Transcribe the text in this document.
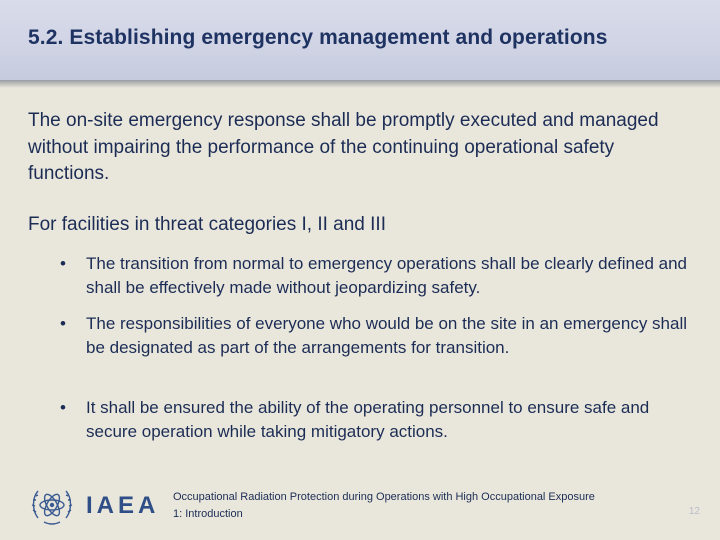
5.2. Establishing emergency management and operations

The on-site emergency response shall be promptly executed and managed without impairing the performance of the continuing operational safety functions.

For facilities in threat categories I, II and III

•	The transition from normal to emergency operations shall be clearly defined and shall be effectively made without jeopardizing safety.
•	The responsibilities of everyone who would be on the site in an emergency shall be designated as part of the arrangements for transition.
•	It shall be ensured the ability of the operating personnel to ensure safe and secure operation while taking mitigatory actions.
IAEA Occupational Radiation Protection during Operations with High Occupational Exposure
1: Introduction	12
